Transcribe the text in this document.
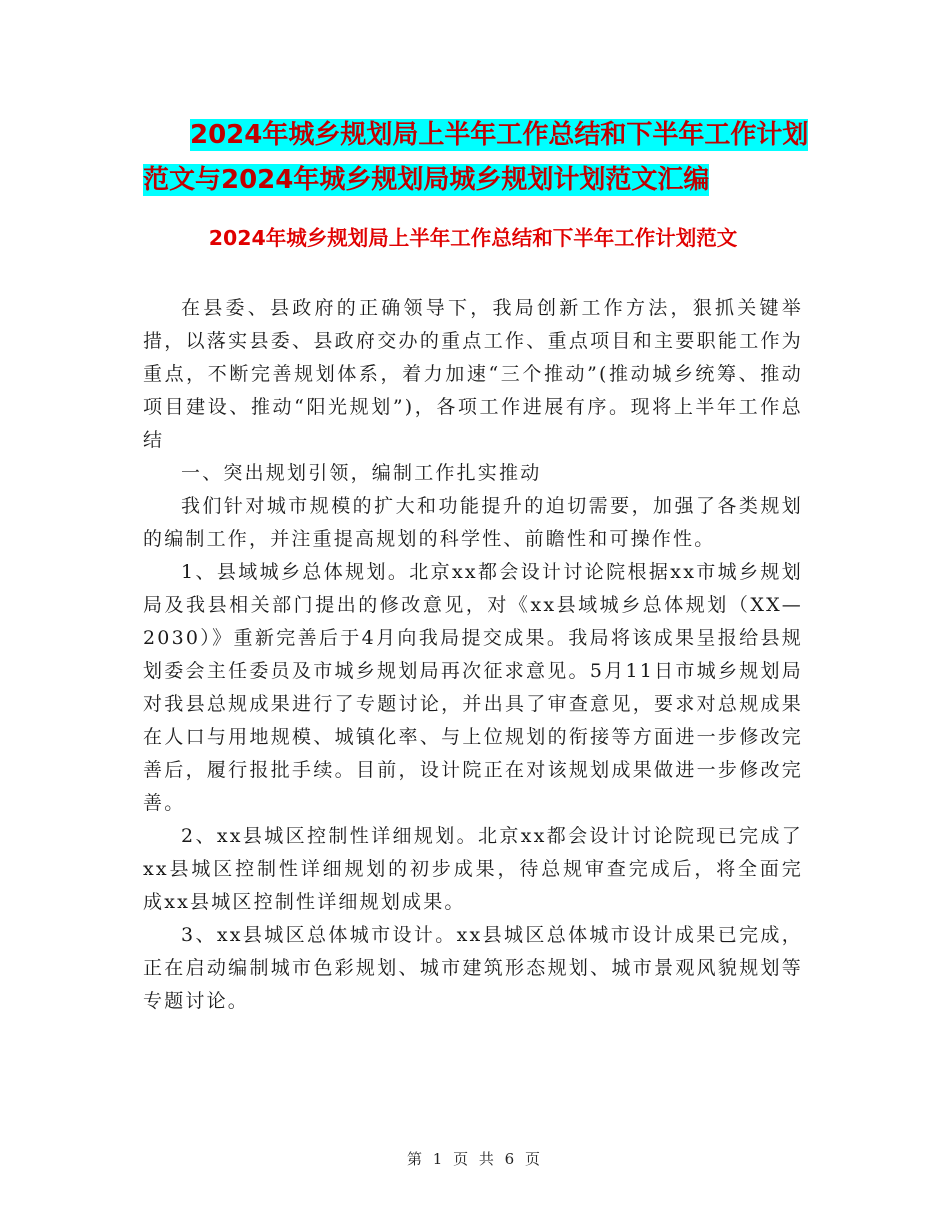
2024年城乡规划局上半年工作总结和下半年工作计划
范文与2024年城乡规划局城乡规划计划范文汇编
2024年城乡规划局上半年工作总结和下半年工作计划范文

在县委、县政府的正确领导下，我局创新工作方法，狠抓关键举措，以落实县委、县政府交办的重点工作、重点项目和主要职能工作为重点，不断完善规划体系，着力加速“三个推动”(推动城乡统筹、推动项目建设、推动“阳光规划”)，各项工作进展有序。现将上半年工作总结

一、突出规划引领，编制工作扎实推动

我们针对城市规模的扩大和功能提升的迫切需要，加强了各类规划的编制工作，并注重提高规划的科学性、前瞻性和可操作性。

1、县域城乡总体规划。北京xx都会设计讨论院根据xx市城乡规划局及我县相关部门提出的修改意见，对《xx县域城乡总体规划（XX—2030）》重新完善后于4月向我局提交成果。我局将该成果呈报给县规划委会主任委员及市城乡规划局再次征求意见。5月11日市城乡规划局对我县总规成果进行了专题讨论，并出具了审查意见，要求对总规成果在人口与用地规模、城镇化率、与上位规划的衔接等方面进一步修改完善后，履行报批手续。目前，设计院正在对该规划成果做进一步修改完善。

2、xx县城区控制性详细规划。北京xx都会设计讨论院现已完成了xx县城区控制性详细规划的初步成果，待总规审查完成后，将全面完成xx县城区控制性详细规划成果。

3、xx县城区总体城市设计。xx县城区总体城市设计成果已完成，正在启动编制城市色彩规划、城市建筑形态规划、城市景观风貌规划等专题讨论。

第 1 页 共 6 页
